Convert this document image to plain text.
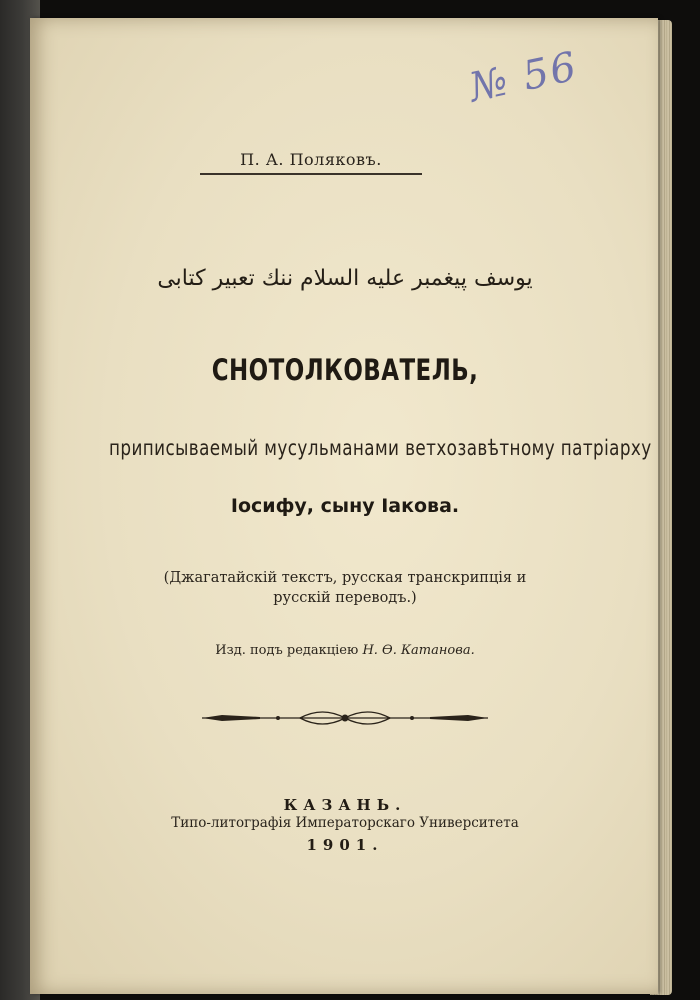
№ 56
П. А. Поляковъ.
یوسف پیغمبر علیه السلام ننك تعبیر کتابی
СНОТОЛКОВАТЕЛЬ,
приписываемый мусульманами ветхозавѣтному патріарху
Іосифу, сыну Іакова.
(Джагатайскій текстъ, русская транскрипція и
русскій переводъ.)
Изд. подъ редакціею Н. Ѳ. Катанова.
КАЗАНЬ.
Типо-литографія Императорскаго Университета
1901.
